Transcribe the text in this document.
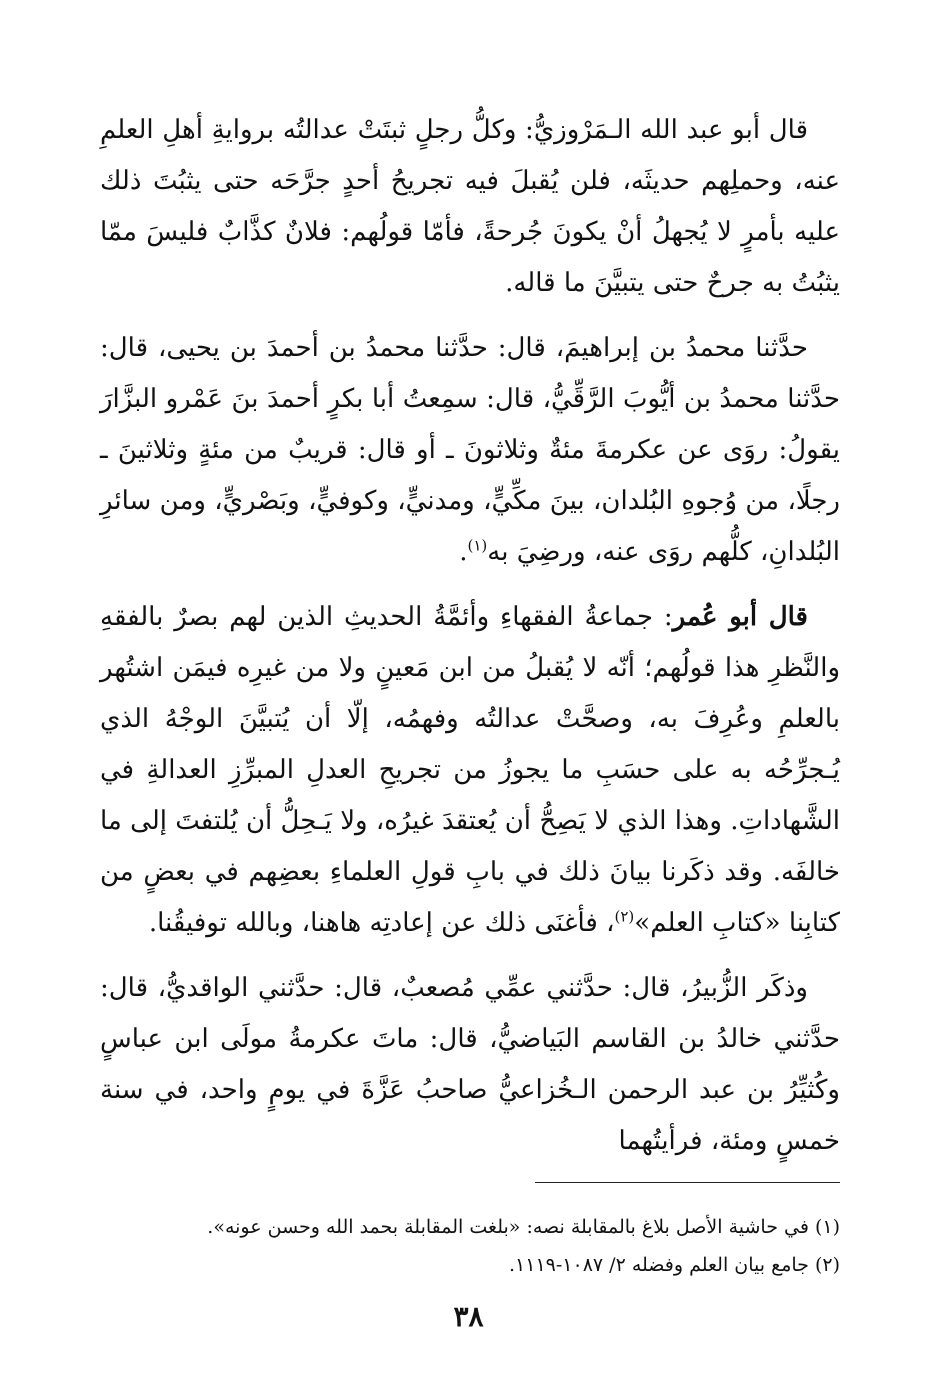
قال أبو عبد الله الـمَرْوزيُّ: وكلُّ رجلٍ ثبتَتْ عدالتُه بروايةِ أهلِ العلمِ عنه، وحملِهم حديثَه، فلن يُقبلَ فيه تجريحُ أحدٍ جرَّحَه حتى يثبُتَ ذلك عليه بأمرٍ لا يُجهلُ أنْ يكونَ جُرحةً، فأمّا قولُهم: فلانٌ كذَّابٌ فليسَ ممّا يثبُتُ به جرحٌ حتى يتبيَّنَ ما قاله.

حدَّثنا محمدُ بن إبراهيمَ، قال: حدَّثنا محمدُ بن أحمدَ بن يحيى، قال: حدَّثنا محمدُ بن أيُّوبَ الرَّقِّيُّ، قال: سمِعتُ أبا بكرٍ أحمدَ بنَ عَمْرو البزَّارَ يقولُ: روَى عن عكرمةَ مئةٌ وثلاثونَ ـ أو قال: قريبٌ من مئةٍ وثلاثينَ ـ رجلًا، من وُجوهِ البُلدان، بينَ مكِّيٍّ، ومدنيٍّ، وكوفيٍّ، وبَصْريٍّ، ومن سائرِ البُلدانِ، كلُّهم روَى عنه، ورضِيَ به$^{(١)}$.

قال أبو عُمر: جماعةُ الفقهاءِ وأئمَّةُ الحديثِ الذين لهم بصرٌ بالفقهِ والنَّظرِ هذا قولُهم؛ أنّه لا يُقبلُ من ابن مَعينٍ ولا من غيرِه فيمَن اشتُهر بالعلمِ وعُرِفَ به، وصحَّتْ عدالتُه وفهمُه، إلّا أن يُتبيَّنَ الوجْهُ الذي يُـجرِّحُه به على حسَبِ ما يجوزُ من تجريحِ العدلِ المبرِّزِ العدالةِ في الشَّهاداتِ. وهذا الذي لا يَصِحُّ أن يُعتقدَ غيرُه، ولا يَـحِلُّ أن يُلتفتَ إلى ما خالفَه. وقد ذكَرنا بيانَ ذلك في بابِ قولِ العلماءِ بعضِهم في بعضٍ من كتابِنا «كتابِ العلم»$^{(٢)}$، فأغنَى ذلك عن إعادتِه هاهنا، وبالله توفيقُنا.

وذكَر الزُّبيرُ، قال: حدَّثني عمِّي مُصعبٌ، قال: حدَّثني الواقديُّ، قال: حدَّثني خالدُ بن القاسم البَياضيُّ، قال: ماتَ عكرمةُ مولَى ابن عباسٍ وكُثيِّرُ بن عبد الرحمن الـخُزاعيُّ صاحبُ عَزَّةَ في يومٍ واحد، في سنة خمسٍ ومئة، فرأيتُهما

(١) في حاشية الأصل بلاغ بالمقابلة نصه: «بلغت المقابلة بحمد الله وحسن عونه».
(٢) جامع بيان العلم وفضله ٢/ ١٠٨٧-١١١٩.
٣٨
